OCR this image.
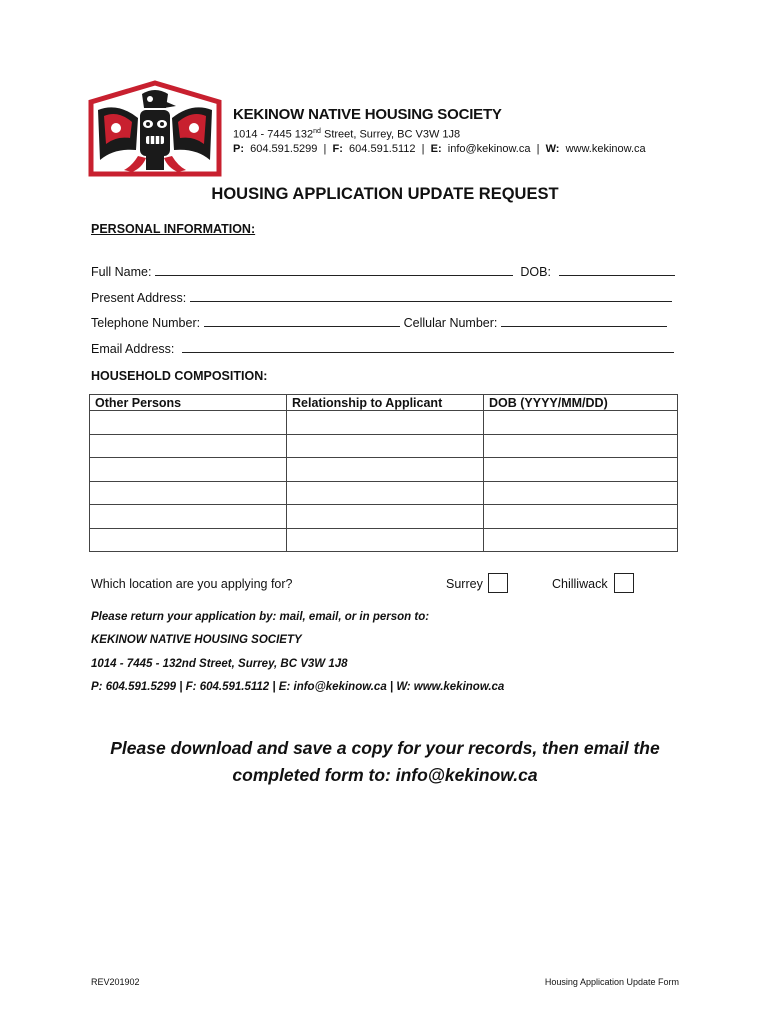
KEKINOW NATIVE HOUSING SOCIETY
1014 - 7445 132nd Street, Surrey, BC V3W 1J8
P: 604.591.5299 | F: 604.591.5112 | E: info@kekinow.ca | W: www.kekinow.ca
HOUSING APPLICATION UPDATE REQUEST
PERSONAL INFORMATION:
Full Name:	DOB:
Present Address:
Telephone Number:	Cellular Number:
Email Address:
HOUSEHOLD COMPOSITION:
Other Persons	Relationship to Applicant	DOB (YYYY/MM/DD)

Which location are you applying for?	Surrey	Chilliwack
Please return your application by: mail, email, or in person to:
KEKINOW NATIVE HOUSING SOCIETY
1014 - 7445 - 132nd Street, Surrey, BC V3W 1J8
P: 604.591.5299 | F: 604.591.5112 | E: info@kekinow.ca | W: www.kekinow.ca
Please download and save a copy for your records, then email the
completed form to: info@kekinow.ca
REV201902	Housing Application Update Form
